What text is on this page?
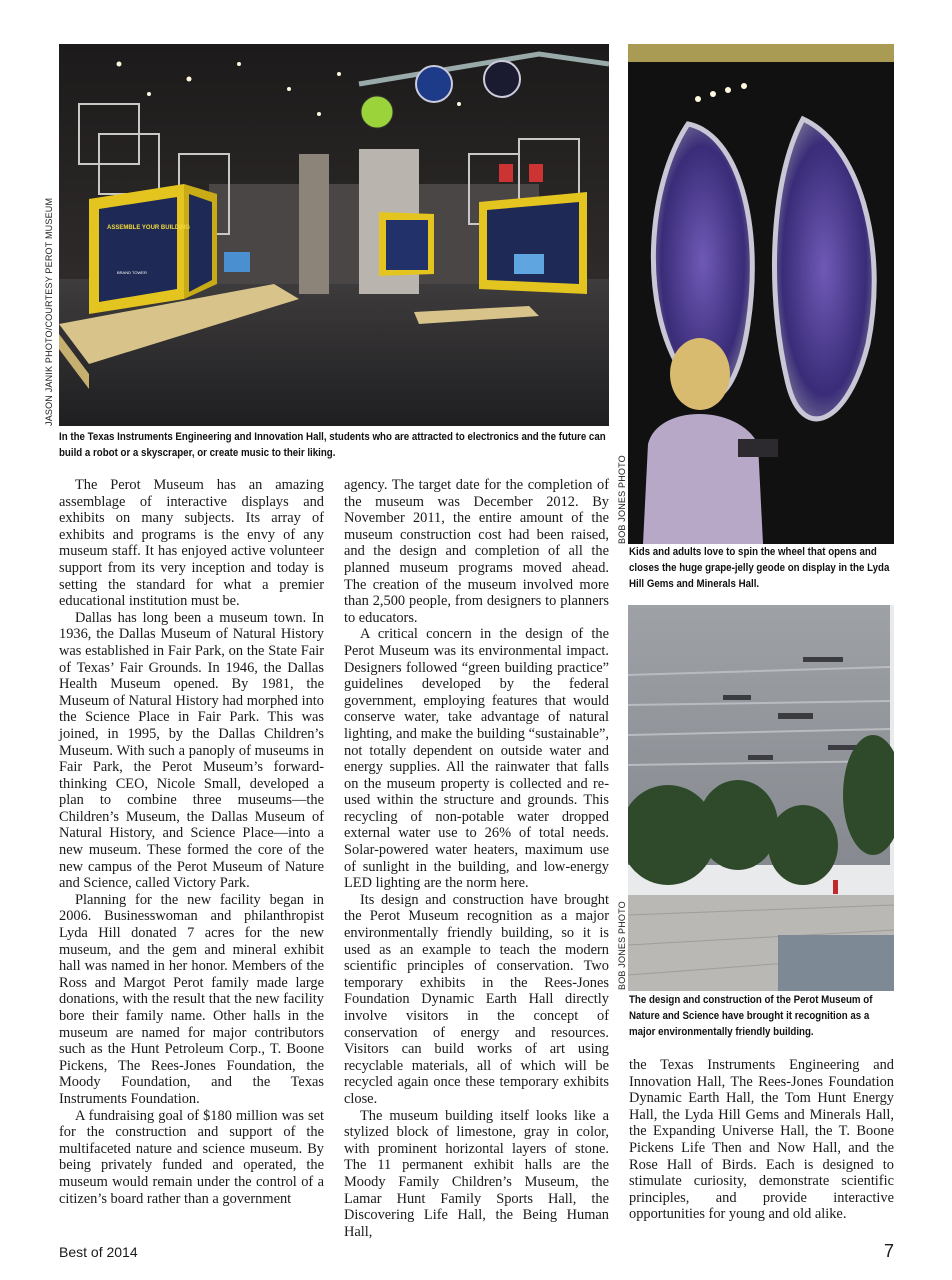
ASSEMBLE YOUR BUILDING
BRAND TOWER
JASON JANIK PHOTO/COURTESY PEROT MUSEUM
In the Texas Instruments Engineering and Innovation Hall, students who are attracted to electronics and the future can build a robot or a skyscraper, or create music to their liking.
BOB JONES PHOTO
Kids and adults love to spin the wheel that opens and closes the huge grape-jelly geode on display in the Lyda Hill Gems and Minerals Hall.
BOB JONES PHOTO
The design and construction of the Perot Museum of Nature and Science have brought it recognition as a major environmentally friendly building.

The Perot Museum has an amazing assemblage of interactive displays and exhibits on many subjects. Its array of exhibits and programs is the envy of any museum staff. It has enjoyed active volunteer support from its very inception and today is setting the standard for what a premier educational institution must be.

Dallas has long been a museum town. In 1936, the Dallas Museum of Natural History was established in Fair Park, on the State Fair of Texas’ Fair Grounds. In 1946, the Dallas Health Museum opened. By 1981, the Museum of Natural History had morphed into the Science Place in Fair Park. This was joined, in 1995, by the Dallas Children’s Museum. With such a panoply of museums in Fair Park, the Perot Museum’s forward-thinking CEO, Nicole Small, developed a plan to combine three museums—the Children’s Museum, the Dallas Museum of Natural History, and Science Place—into a new museum. These formed the core of the new campus of the Perot Museum of Nature and Science, called Victory Park.

Planning for the new facility began in 2006. Businesswoman and philanthropist Lyda Hill donated 7 acres for the new museum, and the gem and mineral exhibit hall was named in her honor. Members of the Ross and Margot Perot family made large donations, with the result that the new facility bore their family name. Other halls in the museum are named for major contributors such as the Hunt Petroleum Corp., T. Boone Pickens, The Rees-Jones Foundation, the Moody Foundation, and the Texas Instruments Foundation.

A fundraising goal of $180 million was set for the construction and support of the multifaceted nature and science museum. By being privately funded and operated, the museum would remain under the control of a citizen’s board rather than a government

agency. The target date for the completion of the museum was December 2012. By November 2011, the entire amount of the museum construction cost had been raised, and the design and completion of all the planned museum programs moved ahead. The creation of the museum involved more than 2,500 people, from designers to planners to educators.

A critical concern in the design of the Perot Museum was its environmental impact. Designers followed “green building practice” guidelines developed by the federal government, employing features that would conserve water, take advantage of natural lighting, and make the building “sustainable”, not totally dependent on outside water and energy supplies. All the rainwater that falls on the museum property is collected and re-used within the structure and grounds. This recycling of non-potable water dropped external water use to 26% of total needs. Solar-powered water heaters, maximum use of sunlight in the building, and low-energy LED lighting are the norm here.

Its design and construction have brought the Perot Museum recognition as a major environmentally friendly building, so it is used as an example to teach the modern scientific principles of conservation. Two temporary exhibits in the Rees-Jones Foundation Dynamic Earth Hall directly involve visitors in the concept of conservation of energy and resources. Visitors can build works of art using recyclable materials, all of which will be recycled again once these temporary exhibits close.

The museum building itself looks like a stylized block of limestone, gray in color, with prominent horizontal layers of stone. The 11 permanent exhibit halls are the Moody Family Children’s Museum, the Lamar Hunt Family Sports Hall, the Discovering Life Hall, the Being Human Hall,

the Texas Instruments Engineering and Innovation Hall, The Rees-Jones Foundation Dynamic Earth Hall, the Tom Hunt Energy Hall, the Lyda Hill Gems and Minerals Hall, the Expanding Universe Hall, the T. Boone Pickens Life Then and Now Hall, and the Rose Hall of Birds. Each is designed to stimulate curiosity, demonstrate scientific principles, and provide interactive opportunities for young and old alike.

Best of 2014	7
